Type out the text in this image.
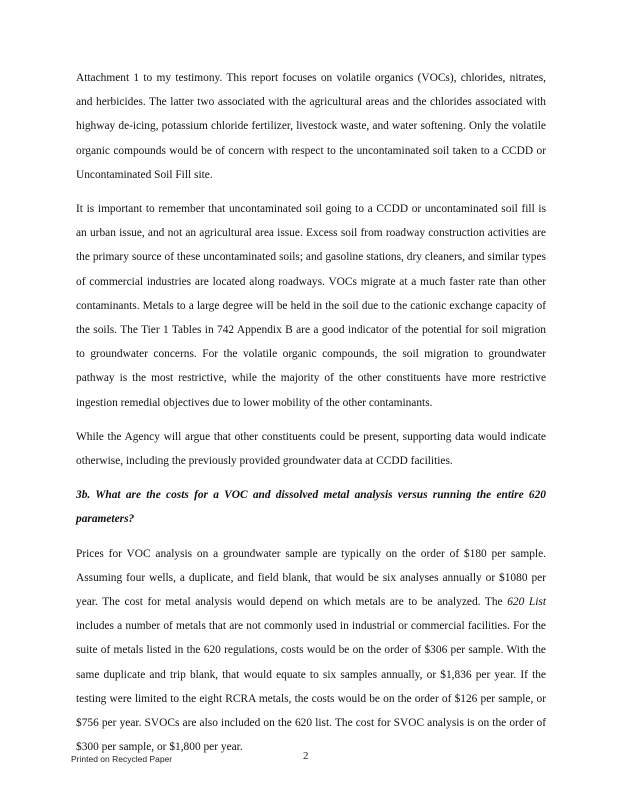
Attachment 1 to my testimony. This report focuses on volatile organics (VOCs), chlorides, nitrates, and herbicides. The latter two associated with the agricultural areas and the chlorides associated with highway de-icing, potassium chloride fertilizer, livestock waste, and water softening. Only the volatile organic compounds would be of concern with respect to the uncontaminated soil taken to a CCDD or Uncontaminated Soil Fill site.

It is important to remember that uncontaminated soil going to a CCDD or uncontaminated soil fill is an urban issue, and not an agricultural area issue. Excess soil from roadway construction activities are the primary source of these uncontaminated soils; and gasoline stations, dry cleaners, and similar types of commercial industries are located along roadways. VOCs migrate at a much faster rate than other contaminants. Metals to a large degree will be held in the soil due to the cationic exchange capacity of the soils. The Tier 1 Tables in 742 Appendix B are a good indicator of the potential for soil migration to groundwater concerns. For the volatile organic compounds, the soil migration to groundwater pathway is the most restrictive, while the majority of the other constituents have more restrictive ingestion remedial objectives due to lower mobility of the other contaminants.

While the Agency will argue that other constituents could be present, supporting data would indicate otherwise, including the previously provided groundwater data at CCDD facilities.

3b. What are the costs for a VOC and dissolved metal analysis versus running the entire 620 parameters?

Prices for VOC analysis on a groundwater sample are typically on the order of $180 per sample. Assuming four wells, a duplicate, and field blank, that would be six analyses annually or $1080 per year. The cost for metal analysis would depend on which metals are to be analyzed. The 620 List includes a number of metals that are not commonly used in industrial or commercial facilities. For the suite of metals listed in the 620 regulations, costs would be on the order of $306 per sample. With the same duplicate and trip blank, that would equate to six samples annually, or $1,836 per year. If the testing were limited to the eight RCRA metals, the costs would be on the order of $126 per sample, or $756 per year. SVOCs are also included on the 620 list. The cost for SVOC analysis is on the order of $300 per sample, or $1,800 per year.

Printed on Recycled Paper	2
